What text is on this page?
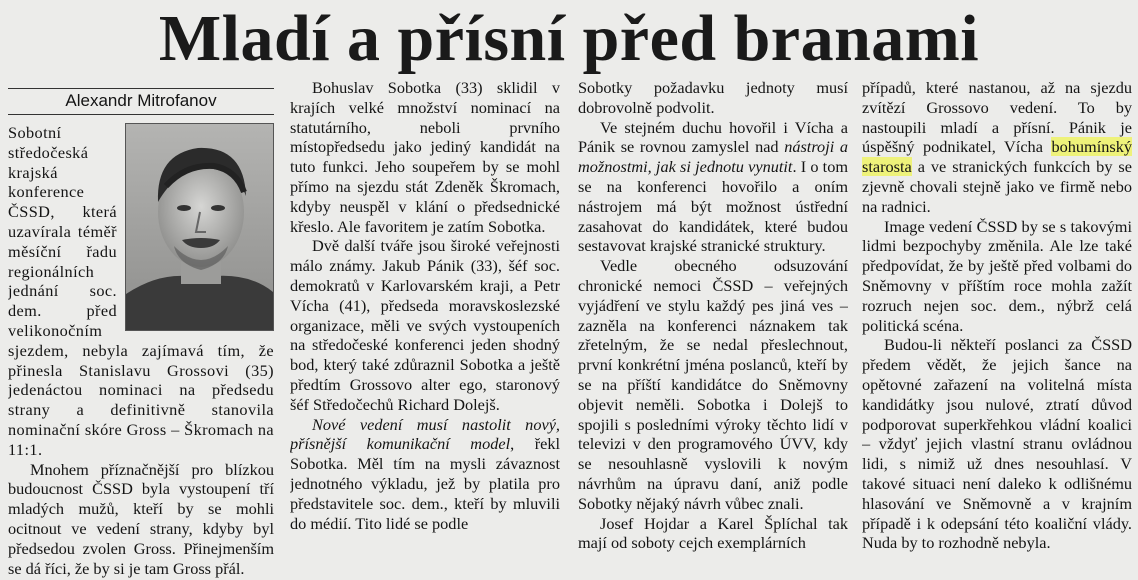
Mladí a přísní před branami
Alexandr Mitrofanov

Sobotní středočeská krajská konference ČSSD, která uzavírala téměř měsíční řadu regionálních jednání soc. dem. před velikonočním sjezdem, nebyla zajímavá tím, že přinesla Stanislavu Grossovi (35) jedenáctou nominaci na předsedu strany a definitivně stanovila nominační skóre Gross – Škromach na 11:1.

Mnohem příznačnější pro blízkou budoucnost ČSSD byla vystoupení tří mladých mužů, kteří by se mohli ocitnout ve vedení strany, kdyby byl předsedou zvolen Gross. Přinejmenším se dá říci, že by si je tam Gross přál.

Bohuslav Sobotka (33) sklidil v krajích velké množství nominací na statutárního, neboli prvního místopředsedu jako jediný kandidát na tuto funkci. Jeho soupeřem by se mohl přímo na sjezdu stát Zdeněk Škromach, kdyby neuspěl v klání o předsednické křeslo. Ale favoritem je zatím Sobotka.

Dvě další tváře jsou široké veřejnosti málo známy. Jakub Pánik (33), šéf soc. demokratů v Karlovarském kraji, a Petr Vícha (41), předseda moravskoslezské organizace, měli ve svých vystoupeních na středočeské konferenci jeden shodný bod, který také zdůraznil Sobotka a ještě předtím Grossovo alter ego, staronový šéf Středočechů Richard Dolejš.

Nové vedení musí nastolit nový, přísnější komunikační model, řekl Sobotka. Měl tím na mysli závaznost jednotného výkladu, jež by platila pro představitele soc. dem., kteří by mluvili do médií. Tito lidé se podle

Sobotky požadavku jednoty musí dobrovolně podvolit.

Ve stejném duchu hovořil i Vícha a Pánik se rovnou zamyslel nad nástroji a možnostmi, jak si jednotu vynutit. I o tom se na konferenci hovořilo a oním nástrojem má být možnost ústřední zasahovat do kandidátek, které budou sestavovat krajské stranické struktury.

Vedle obecného odsuzování chronické nemoci ČSSD – veřejných vyjádření ve stylu každý pes jiná ves – zazněla na konferenci náznakem tak zřetelným, že se nedal přeslechnout, první konkrétní jména poslanců, kteří by se na příští kandidátce do Sněmovny objevit neměli. Sobotka i Dolejš to spojili s posledními výroky těchto lidí v televizi v den programového ÚVV, kdy se nesouhlasně vyslovili k novým návrhům na úpravu daní, aniž podle Sobotky nějaký návrh vůbec znali.

Josef Hojdar a Karel Šplíchal tak mají od soboty cejch exemplárních

případů, které nastanou, až na sjezdu zvítězí Grossovo vedení. To by nastoupili mladí a přísní. Pánik je úspěšný podnikatel, Vícha bohumínský starosta a ve stranických funkcích by se zjevně chovali stejně jako ve firmě nebo na radnici.

Image vedení ČSSD by se s takovými lidmi bezpochyby změnila. Ale lze také předpovídat, že by ještě před volbami do Sněmovny v příštím roce mohla zažít rozruch nejen soc. dem., nýbrž celá politická scéna.

Budou-li někteří poslanci za ČSSD předem vědět, že jejich šance na opětovné zařazení na volitelná místa kandidátky jsou nulové, ztratí důvod podporovat superkřehkou vládní koalici – vždyť jejich vlastní stranu ovládnou lidi, s nimiž už dnes nesouhlasí. V takové situaci není daleko k odlišnému hlasování ve Sněmovně a v krajním případě i k odepsání této koaliční vlády. Nuda by to rozhodně nebyla.
